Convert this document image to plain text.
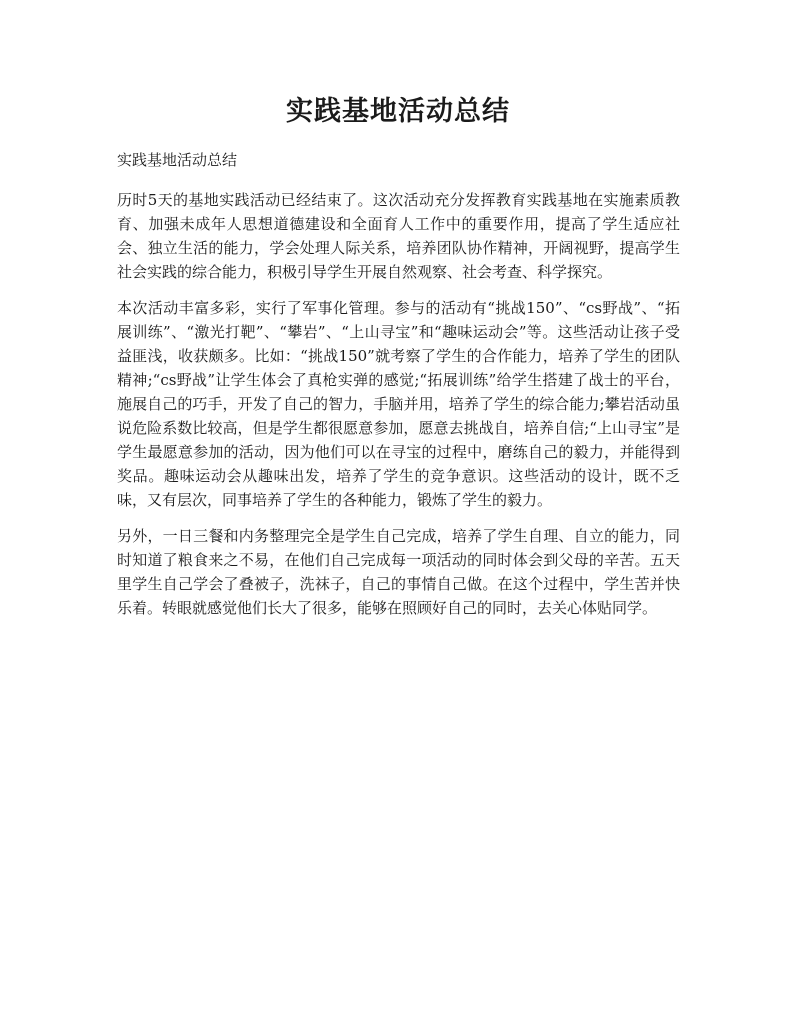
实践基地活动总结

实践基地活动总结

历时5天的基地实践活动已经结束了。这次活动充分发挥教育实践基地在实施素质教育、加强未成年人思想道德建设和全面育人工作中的重要作用，提高了学生适应社会、独立生活的能力，学会处理人际关系，培养团队协作精神，开阔视野，提高学生社会实践的综合能力，积极引导学生开展自然观察、社会考查、科学探究。

本次活动丰富多彩，实行了军事化管理。参与的活动有“挑战150”、“cs野战”、“拓展训练”、“激光打靶”、“攀岩”、“上山寻宝”和“趣味运动会”等。这些活动让孩子受益匪浅，收获颇多。比如：“挑战150”就考察了学生的合作能力，培养了学生的团队精神;“cs野战”让学生体会了真枪实弹的感觉;“拓展训练”给学生搭建了战士的平台，施展自己的巧手，开发了自己的智力，手脑并用，培养了学生的综合能力;攀岩活动虽说危险系数比较高，但是学生都很愿意参加，愿意去挑战自，培养自信;“上山寻宝”是学生最愿意参加的活动，因为他们可以在寻宝的过程中，磨练自己的毅力，并能得到奖品。趣味运动会从趣味出发，培养了学生的竞争意识。这些活动的设计，既不乏味，又有层次，同事培养了学生的各种能力，锻炼了学生的毅力。

另外，一日三餐和内务整理完全是学生自己完成，培养了学生自理、自立的能力，同时知道了粮食来之不易，在他们自己完成每一项活动的同时体会到父母的辛苦。五天里学生自己学会了叠被子，洗袜子，自己的事情自己做。在这个过程中，学生苦并快乐着。转眼就感觉他们长大了很多，能够在照顾好自己的同时，去关心体贴同学。
